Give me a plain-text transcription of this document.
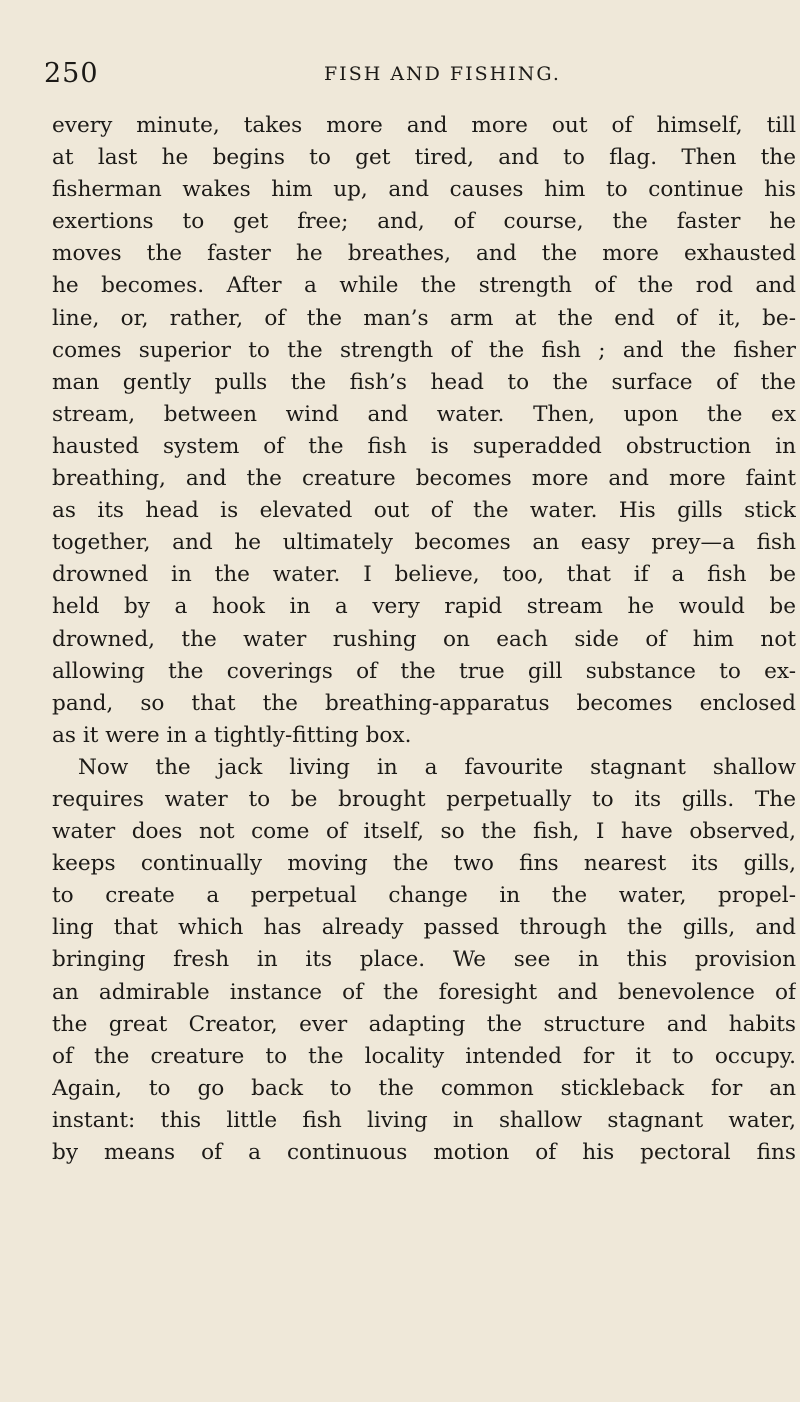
250	FISH AND FISHING.
every minute, takes more and more out of himself, till
at last he begins to get tired, and to flag. Then the
fisherman wakes him up, and causes him to continue his
exertions to get free; and, of course, the faster he
moves the faster he breathes, and the more exhausted
he becomes. After a while the strength of the rod and
line, or, rather, of the man’s arm at the end of it, be-
comes superior to the strength of the fish ; and the fisher
man gently pulls the fish’s head to the surface of the
stream, between wind and water. Then, upon the ex
hausted system of the fish is superadded obstruction in
breathing, and the creature becomes more and more faint
as its head is elevated out of the water. His gills stick
together, and he ultimately becomes an easy prey—a fish
drowned in the water. I believe, too, that if a fish be
held by a hook in a very rapid stream he would be
drowned, the water rushing on each side of him not
allowing the coverings of the true gill substance to ex-
pand, so that the breathing-apparatus becomes enclosed
as it were in a tightly-fitting box.
Now the jack living in a favourite stagnant shallow
requires water to be brought perpetually to its gills. The
water does not come of itself, so the fish, I have observed,
keeps continually moving the two fins nearest its gills,
to create a perpetual change in the water, propel-
ling that which has already passed through the gills, and
bringing fresh in its place. We see in this provision
an admirable instance of the foresight and benevolence of
the great Creator, ever adapting the structure and habits
of the creature to the locality intended for it to occupy.
Again, to go back to the common stickleback for an
instant: this little fish living in shallow stagnant water,
by means of a continuous motion of his pectoral fins
